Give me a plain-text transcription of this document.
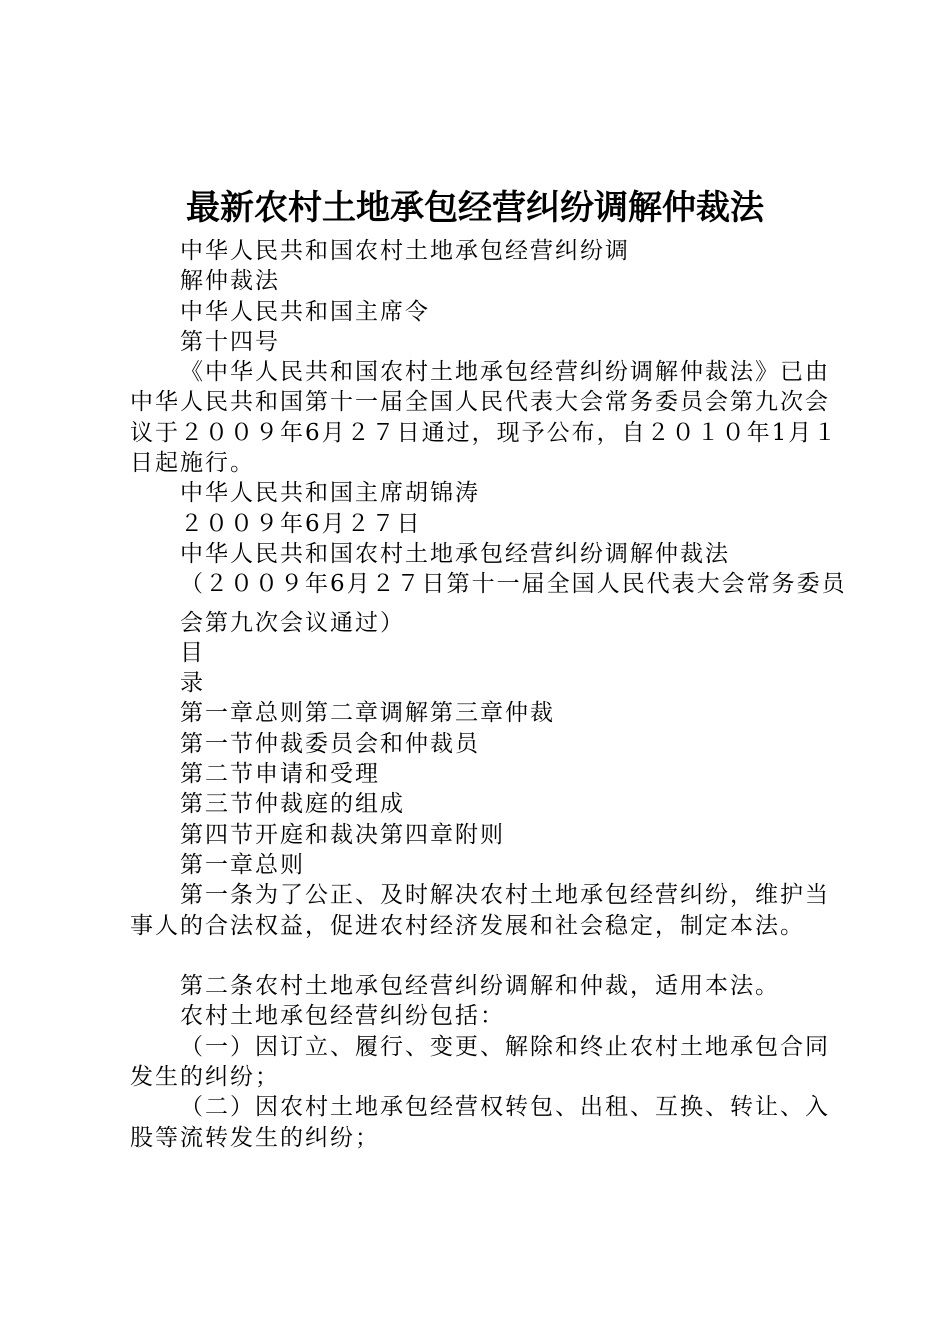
最新农村土地承包经营纠纷调解仲裁法
中华人民共和国农村土地承包经营纠纷调
解仲裁法
中华人民共和国主席令
第十四号
《中华人民共和国农村土地承包经营纠纷调解仲裁法》已由中华人民共和国第十一届全国人民代表大会常务委员会第九次会议于２００９年6月２７日通过，现予公布，自２０１０年1月１日起施行。
中华人民共和国主席胡锦涛
２００９年6月２７日
中华人民共和国农村土地承包经营纠纷调解仲裁法
（２００９年6月２７日第十一届全国人民代表大会常务委员
会第九次会议通过）
目
录
第一章总则第二章调解第三章仲裁
第一节仲裁委员会和仲裁员
第二节申请和受理
第三节仲裁庭的组成
第四节开庭和裁决第四章附则
第一章总则
第一条为了公正、及时解决农村土地承包经营纠纷，维护当事人的合法权益，促进农村经济发展和社会稳定，制定本法。
第二条农村土地承包经营纠纷调解和仲裁，适用本法。
农村土地承包经营纠纷包括：
（一）因订立、履行、变更、解除和终止农村土地承包合同发生的纠纷；
（二）因农村土地承包经营权转包、出租、互换、转让、入股等流转发生的纠纷；
